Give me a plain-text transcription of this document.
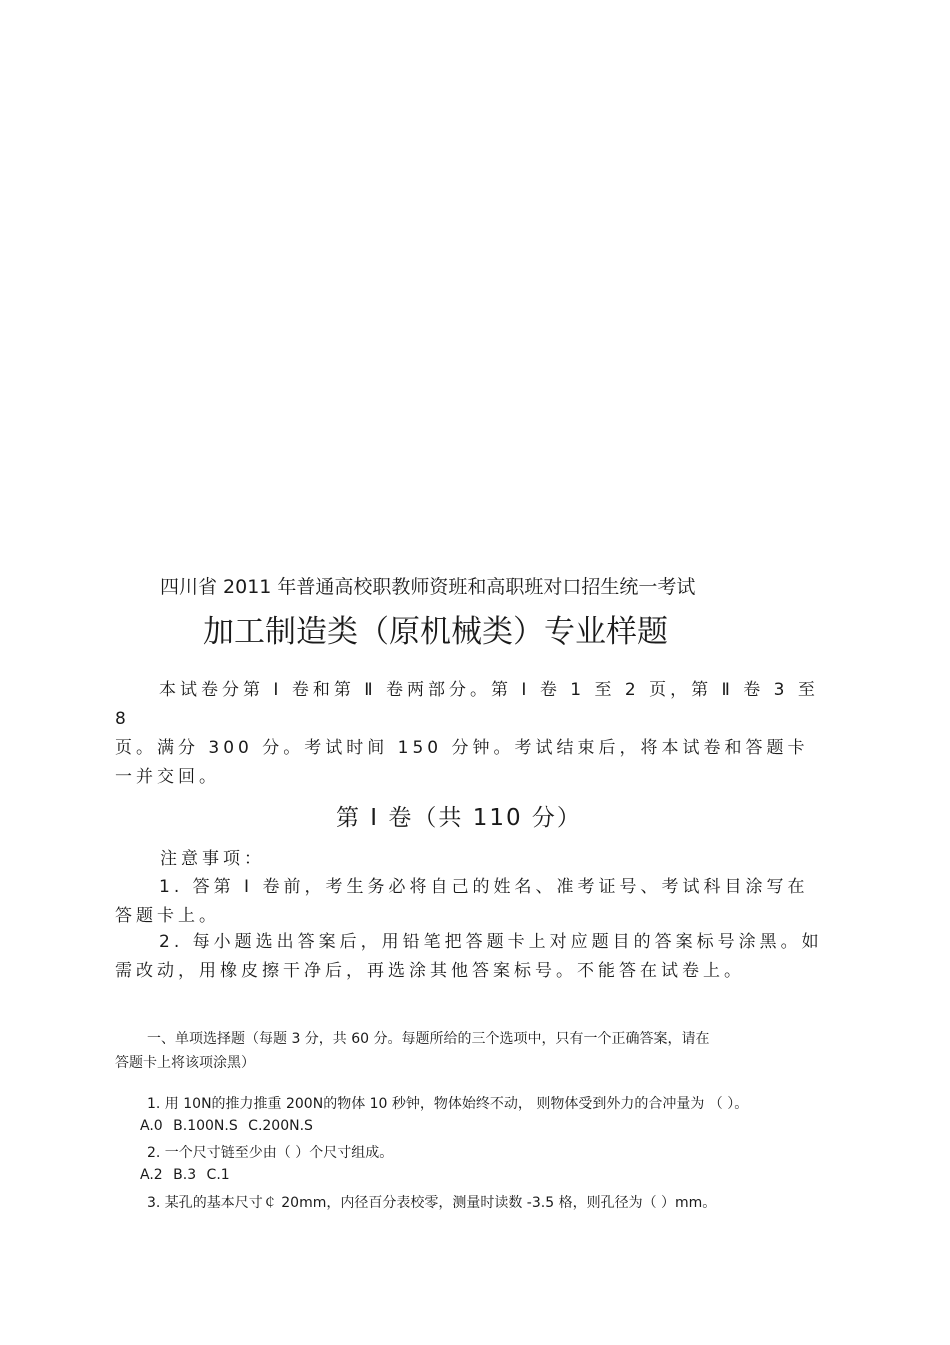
四川省 2011 年普通高校职教师资班和高职班对口招生统一考试
加工制造类（原机械类）专业样题

本试卷分第 Ⅰ 卷和第 Ⅱ 卷两部分。第 Ⅰ 卷 1 至 2 页，第 Ⅱ 卷 3 至 8

页。满分 300 分。考试时间 150 分钟。考试结束后，将本试卷和答题卡

一并交回。

第 Ⅰ 卷（共 110 分）
注意事项：
1. 答第 Ⅰ 卷前，考生务必将自己的姓名、准考证号、考试科目涂写在答题卡上。
2. 每小题选出答案后，用铅笔把答题卡上对应题目的答案标号涂黑。如需改动，用橡皮擦干净后，再选涂其他答案标号。不能答在试卷上。
一、单项选择题（每题 3 分，共 60 分。每题所给的三个选项中，只有一个正确答案，请在
答题卡上将该项涂黑）
1. 用 10N的推力推重 200N的物体 10 秒钟，物体始终不动， 则物体受到外力的合冲量为 （ ）。
A.0 B.100N.S C.200N.S
2. 一个尺寸链至少由（ ）个尺寸组成。
A.2 B.3 C.1
3. 某孔的基本尺寸￠ 20mm，内径百分表校零，测量时读数 -3.5 格，则孔径为（ ）mm。
